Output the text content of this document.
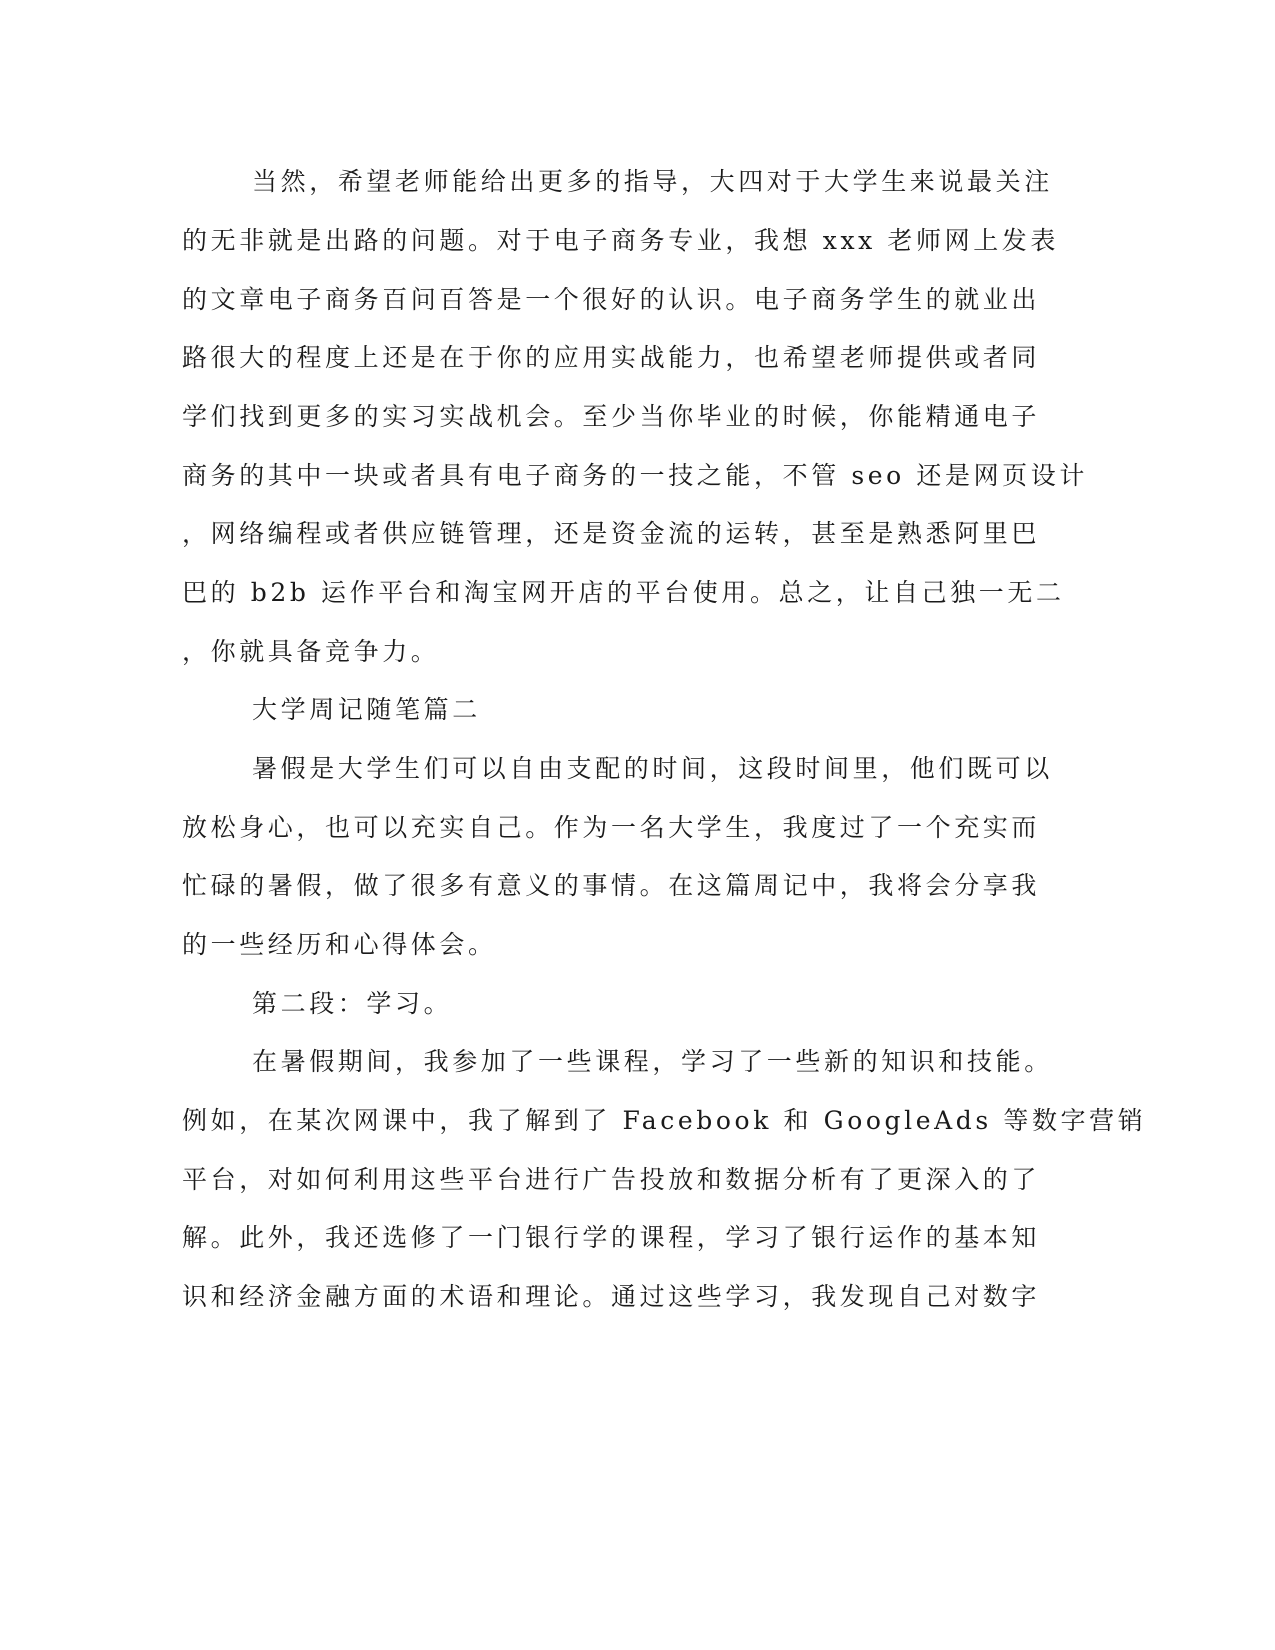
当然，希望老师能给出更多的指导，大四对于大学生来说最关注
的无非就是出路的问题。对于电子商务专业，我想 xxx 老师网上发表
的文章电子商务百问百答是一个很好的认识。电子商务学生的就业出
路很大的程度上还是在于你的应用实战能力，也希望老师提供或者同
学们找到更多的实习实战机会。至少当你毕业的时候，你能精通电子
商务的其中一块或者具有电子商务的一技之能，不管 seo 还是网页设计
，网络编程或者供应链管理，还是资金流的运转，甚至是熟悉阿里巴
巴的 b2b 运作平台和淘宝网开店的平台使用。总之，让自己独一无二
，你就具备竞争力。
大学周记随笔篇二
暑假是大学生们可以自由支配的时间，这段时间里，他们既可以
放松身心，也可以充实自己。作为一名大学生，我度过了一个充实而
忙碌的暑假，做了很多有意义的事情。在这篇周记中，我将会分享我
的一些经历和心得体会。
第二段：学习。
在暑假期间，我参加了一些课程，学习了一些新的知识和技能。
例如，在某次网课中，我了解到了 Facebook 和 GoogleAds 等数字营销
平台，对如何利用这些平台进行广告投放和数据分析有了更深入的了
解。此外，我还选修了一门银行学的课程，学习了银行运作的基本知
识和经济金融方面的术语和理论。通过这些学习，我发现自己对数字
